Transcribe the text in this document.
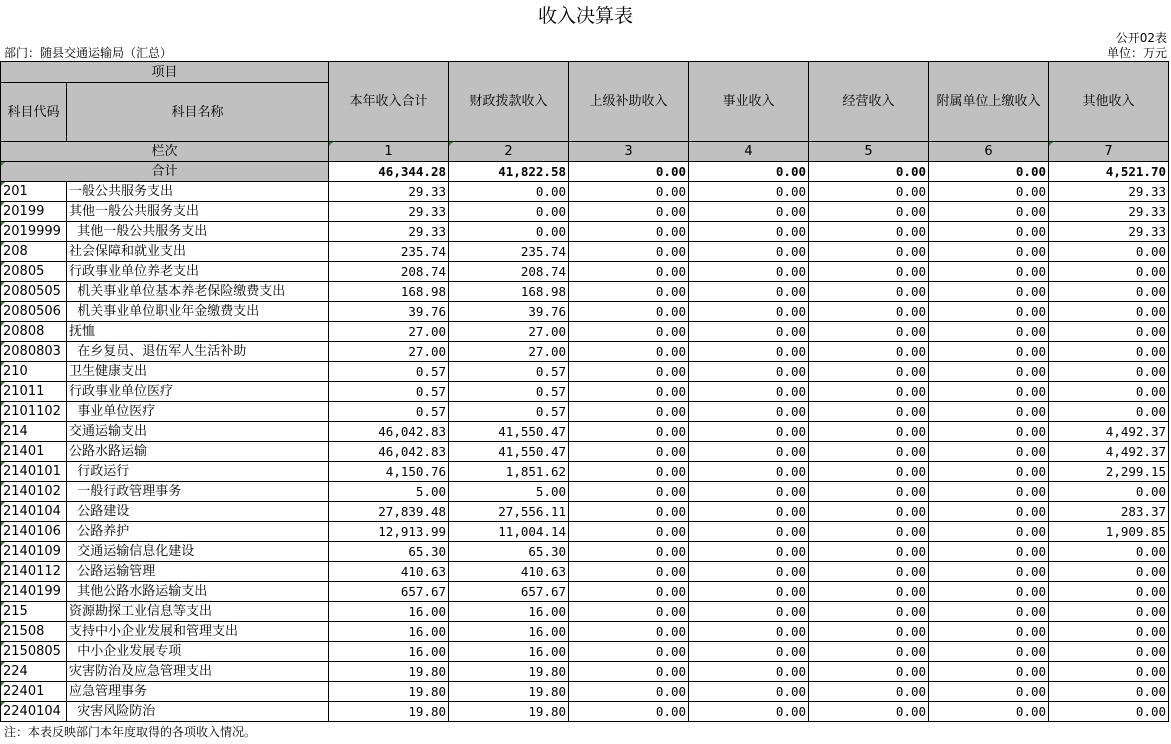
收入决算表
公开02表
部门：随县交通运输局（汇总）	单位：万元
项目		本年收入合计	财政拨款收入	上级补助收入	事业收入	经营收入	附属单位上缴收入	其他收入
科目代码	科目名称							
栏次		1	2	3	4	5	6	7
合计		46,344.28	41,822.58	0.00	0.00	0.00	0.00	4,521.70
201	一般公共服务支出	29.33	0.00	0.00	0.00	0.00	0.00	29.33
20199	其他一般公共服务支出	29.33	0.00	0.00	0.00	0.00	0.00	29.33
2019999	其他一般公共服务支出	29.33	0.00	0.00	0.00	0.00	0.00	29.33
208	社会保障和就业支出	235.74	235.74	0.00	0.00	0.00	0.00	0.00
20805	行政事业单位养老支出	208.74	208.74	0.00	0.00	0.00	0.00	0.00
2080505	机关事业单位基本养老保险缴费支出	168.98	168.98	0.00	0.00	0.00	0.00	0.00
2080506	机关事业单位职业年金缴费支出	39.76	39.76	0.00	0.00	0.00	0.00	0.00
20808	抚恤	27.00	27.00	0.00	0.00	0.00	0.00	0.00
2080803	在乡复员、退伍军人生活补助	27.00	27.00	0.00	0.00	0.00	0.00	0.00
210	卫生健康支出	0.57	0.57	0.00	0.00	0.00	0.00	0.00
21011	行政事业单位医疗	0.57	0.57	0.00	0.00	0.00	0.00	0.00
2101102	事业单位医疗	0.57	0.57	0.00	0.00	0.00	0.00	0.00
214	交通运输支出	46,042.83	41,550.47	0.00	0.00	0.00	0.00	4,492.37
21401	公路水路运输	46,042.83	41,550.47	0.00	0.00	0.00	0.00	4,492.37
2140101	行政运行	4,150.76	1,851.62	0.00	0.00	0.00	0.00	2,299.15
2140102	一般行政管理事务	5.00	5.00	0.00	0.00	0.00	0.00	0.00
2140104	公路建设	27,839.48	27,556.11	0.00	0.00	0.00	0.00	283.37
2140106	公路养护	12,913.99	11,004.14	0.00	0.00	0.00	0.00	1,909.85
2140109	交通运输信息化建设	65.30	65.30	0.00	0.00	0.00	0.00	0.00
2140112	公路运输管理	410.63	410.63	0.00	0.00	0.00	0.00	0.00
2140199	其他公路水路运输支出	657.67	657.67	0.00	0.00	0.00	0.00	0.00
215	资源勘探工业信息等支出	16.00	16.00	0.00	0.00	0.00	0.00	0.00
21508	支持中小企业发展和管理支出	16.00	16.00	0.00	0.00	0.00	0.00	0.00
2150805	中小企业发展专项	16.00	16.00	0.00	0.00	0.00	0.00	0.00
224	灾害防治及应急管理支出	19.80	19.80	0.00	0.00	0.00	0.00	0.00
22401	应急管理事务	19.80	19.80	0.00	0.00	0.00	0.00	0.00
2240104	灾害风险防治	19.80	19.80	0.00	0.00	0.00	0.00	0.00
注：本表反映部门本年度取得的各项收入情况。
